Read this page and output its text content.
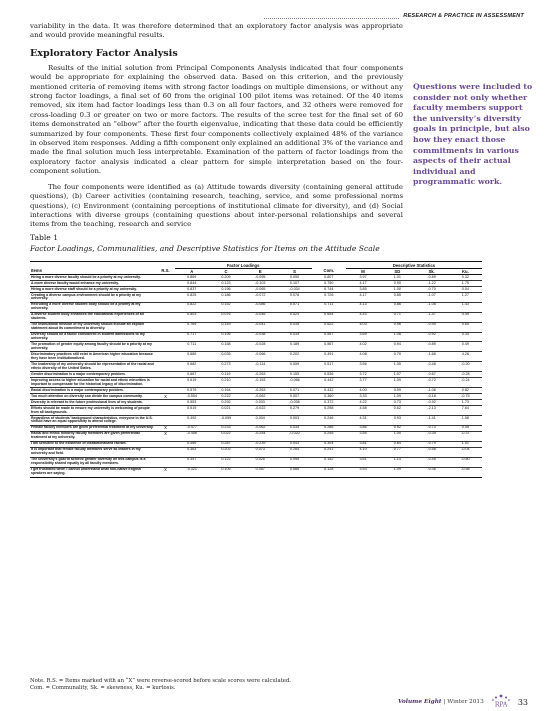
RESEARCH & PRACTICE IN ASSESSMENT

variability in the data. It was therefore determined that an exploratory factor analysis was appropriate and would provide meaningful results.

Exploratory Factor Analysis

Results of the initial solution from Principal Components Analysis indicated that four components would be appropriate for explaining the observed data. Based on this criterion, and the previously mentioned criteria of removing items with strong factor loadings on multiple dimensions, or without any strong factor loadings, a final set of 60 from the original 100 pilot items was retained. Of the 40 items removed, six item had factor loadings less than 0.3 on all four factors, and 32 others were removed for cross-loading 0.3 or greater on two or more factors. The results of the scree test for the final set of 60 items demonstrated an “elbow” after the fourth eigenvalue, indicating that these data could be efficiently summarized by four components. These first four components collectively explained 48% of the variance in observed item responses. Adding a fifth component only explained an additional 3% of the variance and made the final solution much less interpretable. Examination of the pattern of factor loadings from the exploratory factor analysis indicated a clear pattern for simple interpretation based on the four-component solution.

The four components were identified as (a) Attitude towards diversity (containing general attitude questions), (b) Career activities (containing research, teaching, service, and some professional norms questions), (c) Environment (containing perceptions of institutional climate for diversity), and (d) Social interactions with diverse groups (containing questions about inter-personal relationships and several items from the teaching, research and service

Questions were included to consider not only whether faculty members support the university’s diversity goals in principle, but also how they enact those commitments in various aspects of their actual individual and programmatic work.
Table 1
Factor Loadings, Communalities, and Descriptive Statistics for Items on the Attitude Scale
		Factor Loadings					Descriptive Statistics			
Items	R.S.	A	C	E	S	Com.	M	SD	Sk.	Ku.
Hiring a more diverse faculty should be a priority at my university.		0.869	0.209	-0.095	0.050	0.807	3.97	1.01	-0.89	0.32
A more diverse faculty would enhance my university.		0.844	0.123	-0.103	0.107	0.750	4.17	0.90	-1.22	1.75
Hiring a more diverse staff should be a priority at my university.		0.837	0.196	-0.065	-0.034	0.744	3.85	1.00	-0.70	0.04
Creating a diverse campus environment should be a priority at my university.		0.825	0.186	-0.072	0.078	0.726	4.17	0.85	-1.07	1.27
Recruiting a more diverse student body should be a priority at my university.		0.822	0.152	-0.086	0.071	0.711	4.13	0.86	-1.08	1.43
A diverse student body enhances the educational experiences of all students.		0.803	0.076	-0.046	0.024	0.654	4.43	0.71	-1.47	4.49
The institutional mission of my university should include an explicit statement about its commitment to diversity.		0.769	0.149	-0.041	0.035	0.622	4.03	0.96	-0.95	0.65
Diversity should be a factor considered in student admissions to my university.		0.717	0.195	-0.038	0.034	0.557	3.69	1.08	-0.92	0.34
The promotion of gender equity among faculty should be a priority at my university.		0.711	0.158	-0.028	0.189	0.567	4.02	0.94	-0.89	0.49
Discriminatory practices still exist in American higher education because they have been institutionalized.		0.689	0.035	-0.066	0.202	0.491	4.08	0.70	-1.66	4.26
The leadership of my university should be representative of the racial and ethnic diversity of the United States.		0.682	0.273	-0.114	0.059	0.517	3.56	1.05	-0.48	-0.20
Gender discrimination is a major contemporary problem.		0.667	0.119	-0.263	0.155	0.536	3.72	1.07	-0.67	-0.28
Improving access to higher education for racial and ethnic minorities is important to compensate for the historical legacy of discrimination.		0.619	0.210	-0.153	-0.066	0.442	3.77	1.09	-0.72	-0.24
Racial discrimination is a major contemporary problem.		0.579	0.164	-0.253	0.071	0.432	4.00	0.99	-1.08	0.82
Too much attention on diversity can divide the campus community.	X	-0.554	0.222	-0.062	0.007	0.360	3.33	1.09	-0.18	-0.75
Diversity is relevant to the future professional lives of my students.		0.553	0.292	0.033	-0.036	0.372	4.22	0.73	-0.92	1.73
Efforts should be made to ensure my university is welcoming of people from all backgrounds.		0.519	0.021	-0.022	0.279	0.298	4.58	0.62	-2.13	7.64
Regardless of students' background characteristics, everyone in the U.S. should have an equal opportunity to attend college.		0.492	-0.059	0.004	0.003	0.246	4.31	0.93	-1.41	1.58
Female faculty members are given preferential treatment at my university.	X	-0.477	0.233	-0.062	0.034	0.286	3.86	0.92	-0.73	0.45
Racial and ethnic minority faculty members are given preferential treatment at my university.	X	-0.456	0.022	-0.254	-0.020	0.255	3.55	1.00	-0.39	-0.37
I am sensitive to the existence of institutionalized racism.		0.469	0.287	-0.239	0.043	0.304	3.81	0.84	-0.79	1.01
It is important that female faculty members serve as leaders in my university and field.		0.363	0.203	0.073	0.284	0.241	4.10	0.77	-0.58	-0.04
The university's goal to achieve greater diversity on this campus is a responsibility shared equally by all faculty members.		0.357	0.122	0.025	0.095	0.152	3.61	1.14	-0.45	-0.80
I get frustrated when I cannot understand what non-native English speakers are saying.	X	-0.321	0.105	0.057	0.066	0.128	3.53	1.09	-0.36	-0.58
Note. R.S. = Items marked with an “X” were reverse-scored before scale scores were calculated.
Com. = Communality, Sk. = skewness, Ku. = kurtosis.
Volume Eight | Winter 2013 RPA 33
